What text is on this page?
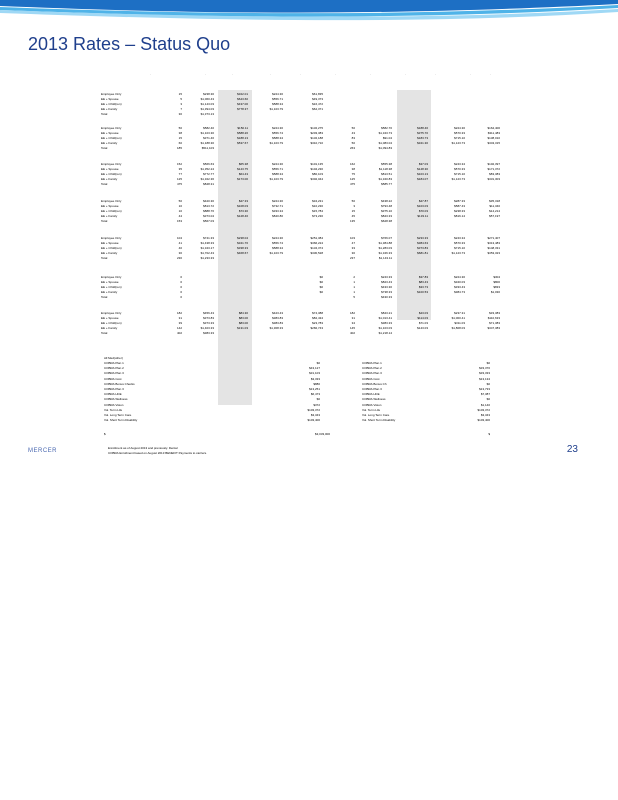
2013 Rates – Status Quo
·	·	·	·	·	·	·	·	·	·	·
Employee Only	15	$238.30	$322.01	$224.30	$61,835
EE + Spouse	5	$1,060.43	$643.60	$556.71	$49,373
EE + Child(ren)	3	$1,143.03	$437.00	$588.34	$16,472
EE + Family	7	$1,394.03	$778.37	$1,103.79	$62,371
Total	30	$1,373.13
Employee Only	50	$582.40	$150.11	$224.30	$132,275	50	$582.70	$188.46	$224.30	$164,400
EE + Spouse	38	$1,103.30	$588.26	$556.74	$203,383	43	$1,343.73	$375.70	$570.33	$311,483
EE + Child(ren)	15	$371.46	$188.13	$588.34	$132,188	83	$91.04	$183.73	$715.10	$138,010
EE + Family	60	$1,188.30	$537.67	$1,103.79	$310,710	50	$1,083.04	$341.30	$1,123.73	$343,315
Total	185	$511,103	263	$1,094.83
Employee Only	152	$566.63	$65.38	$224.30	$101,135	162	$555.38	$37.03	$243.34	$102,397
EE + Spouse	35	$1,352.24	$143.75	$556.71	$104,230	38	$1,118.38	$148.30	$570.33	$171,372
EE + Child(ren)	77	$772.77	$64.43	$588.34	$80,103	75	$813.51	$103.13	$715.10	$83,383
EE + Family	125	$1,322.36	$173.00	$1,103.79	$302,044	125	$1,340.83	$184.07	$1,123.73	$331,303
Total	475	$848.31	475	$585.77
Employee Only	50	$420.30	$47.33	$224.30	$34,231	50	$438.22	$47.87	$287.33	$35,318
EE + Spouse	10	$813.72	$108.03	$732.71	$10,230	3	$793.48	$103.03	$587.43	$11,340
EE + Child(ren)	10	$888.76	$73.30	$333.34	$15,784	15	$375.10	$70.03	$238.33	$14,214
EE + Family	44	$373.04	$128.46	$840.80	$73,230	45	$843.33	$133.11	$816.14	$57,197
Total	153	$567.03	135	$628.38
Employee Only	104	$741.33	$238.04	$224.30	$251,384	103	$766.07	$233.33	$243.34	$271,407
EE + Spouse	41	$1,438.33	$341.76	$556.74	$366,224	47	$1,384.88	$384.63	$570.33	$313,483
EE + Child(ren)	40	$1,343.17	$338.33	$588.34	$134,374	33	$1,283.03	$373.83	$715.10	$148,331
EE + Family	30	$1,702.43	$468.67	$1,103.79	$330,528	30	$1,346.33	$681.81	$1,123.73	$353,323
Total	230	$1,233.33	237	$1,143.11
Employee Only	0	$0	2	$243.33	$37.83	$224.30	$304
EE + Spouse	0	$0	1	$823.43	$83.43	$340.03	$800
EE + Child(ren)	0	$0	1	$433.30	$33.73	$333.43	$833
EE + Family	0	$0	1	$738.33	$100.53	$384.73	$1,030
Total	0	5	$430.33
Employee Only	182	$456.43	$84.30	$423.43	$74,388	182	$843.21	$43.03	$237.31	$33,383
EE + Spouse	31	$373.83	$83.00	$383.83	$82,434	31	$1,013.41	$114.03	$1,000.41	$110,633
EE + Child(ren)	39	$373.33	$83.00	$383.83	$23,783	34	$383.33	$71.03	$311.03	$71,383
EE + Family	142	$1,403.33	$131.03	$1,308.33	$282,743	145	$1,103.03	$143.03	$1,808.03	$347,383
Total	402	$383.33	402	$1,218.14
All Med(other)
COBRA Plan 1	$0
COBRA Plan 2	$43,127
COBRA Plan 3	$31,103
COBRA Cost	$3,333
COBRA Bonus Checks	$880
COBRA Plan 3	$13,251
COBRA HCE	$6,473
COBRA Wellness	$0
COBRA Vision	$372
Vol. Term Life	$103,372
Vol. Long Term Care	$3,343
Vol. Short Term Disability	$103,400
COBRA Plan 1	$0
COBRA Plan 2	$33,370
COBRA Plan 3	$33,333
COBRA Cost	$13,134
COBRA Bonus Ch	$0
COBRA Plan 3	$13,733
COBRA HCE	$7,387
COBRA Wellness	$0
COBRA Vision	$1,140
Vol. Term Life	$103,372
Vol. Long Term Care	$3,343
Vol. Short Term Disability	$103,400
$	$3,033,000	$
MERCER	Enrollment as of August 2013 and previously. Dental
COBRA Enrollment based on August 2013 BENEFIT Payments to carriers.	23
